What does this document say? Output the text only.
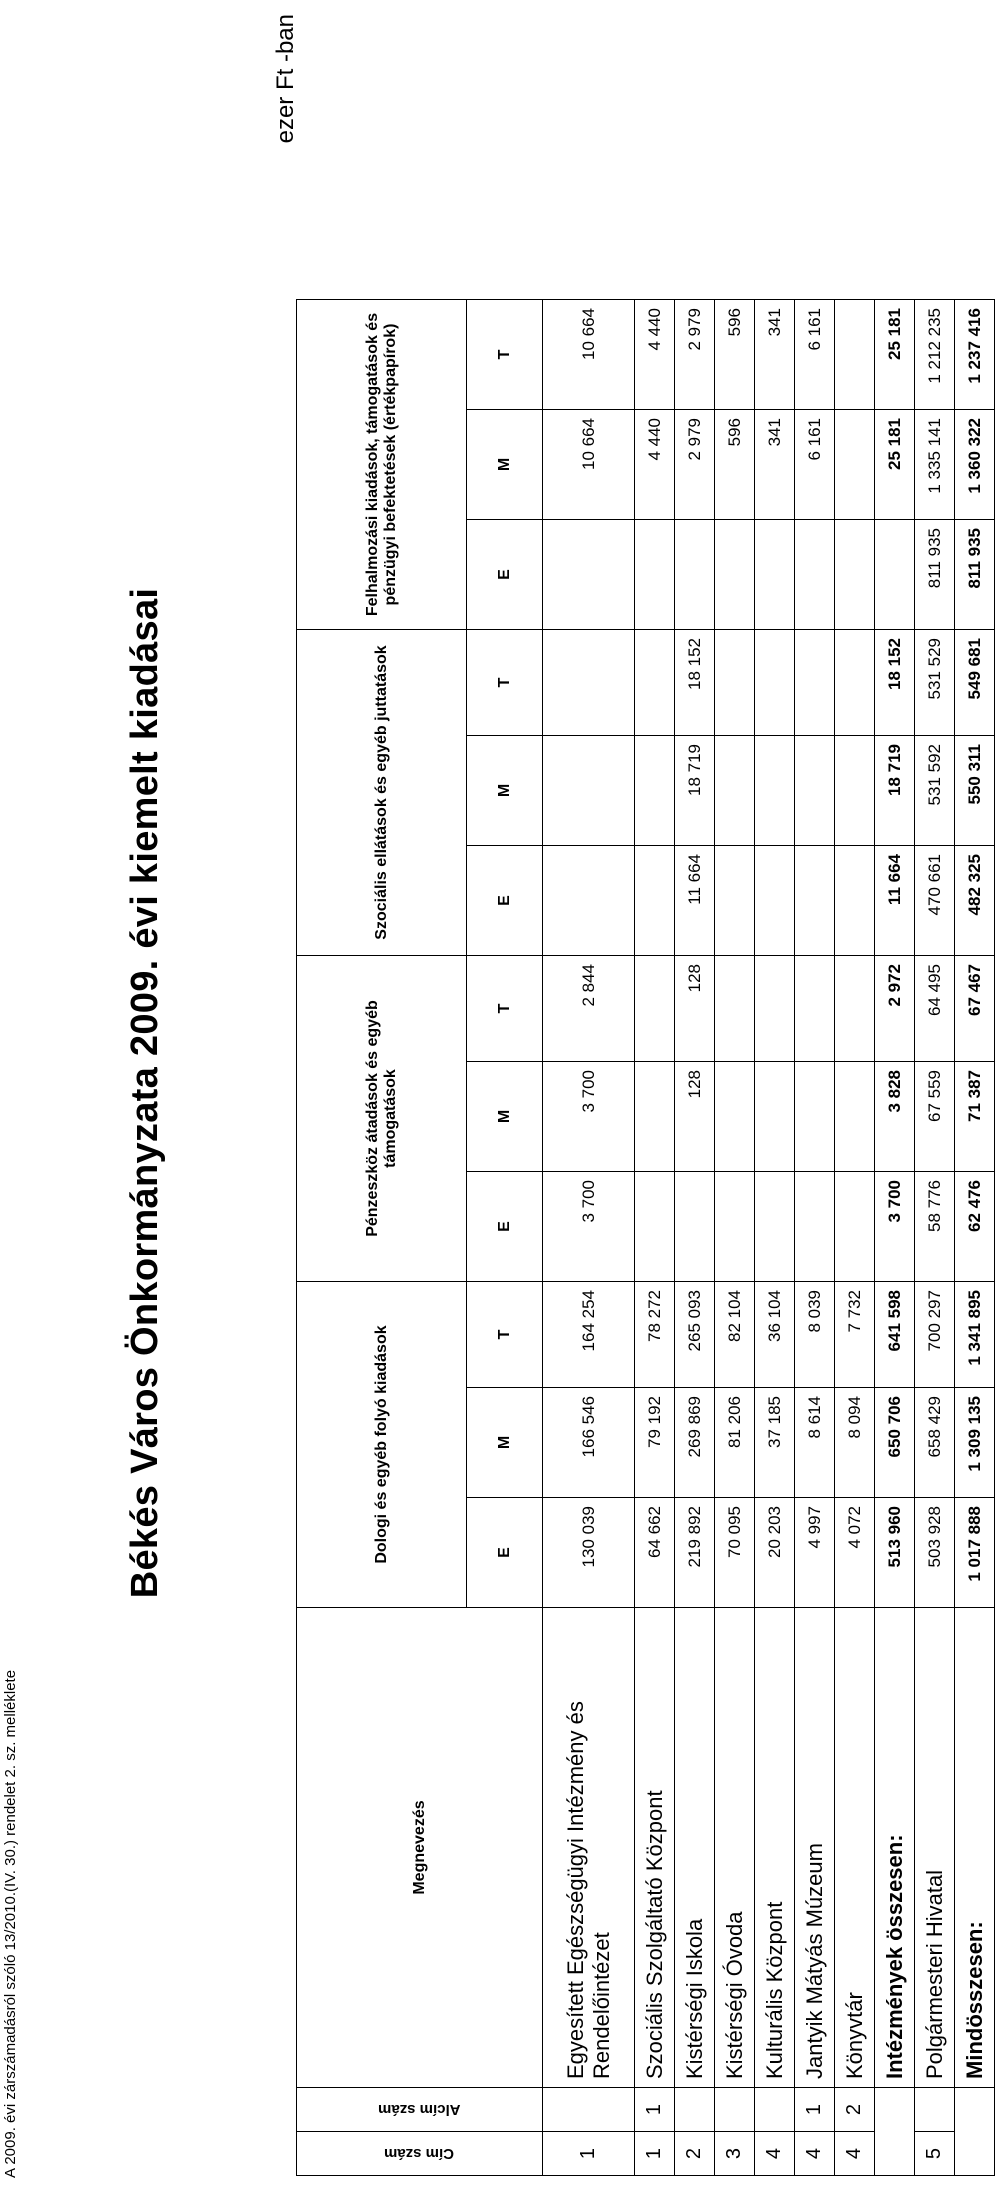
A 2009. évi zárszámadásról szóló 13/2010.(IV. 30.) rendelet 2. sz. melléklete
Békés Város Önkormányzata 2009. évi kiemelt kiadásai
ezer Ft -ban
Cím szám	Alcím szám	Megnevezés	Dologi és egyéb folyó kiadások			Pénzeszköz átadások és egyéb támogatások			Szociális ellátások és egyéb juttatások			Felhalmozási kiadások, támogatások és pénzügyi befektetések (értékpapírok)		
			E	M	T	E	M	T	E	M	T	E	M	T
1		Egyesített Egészségügyi Intézmény és Rendelőintézet	130 039	166 546	164 254	3 700	3 700	2 844					10 664	10 664
1	1	Szociális Szolgáltató Központ	64 662	79 192	78 272								4 440	4 440
2		Kistérségi Iskola	219 892	269 869	265 093		128	128	11 664	18 719	18 152		2 979	2 979
3		Kistérségi Óvoda	70 095	81 206	82 104								596	596
4		Kulturális Központ	20 203	37 185	36 104								341	341
4	1	Jantyik Mátyás Múzeum	4 997	8 614	8 039								6 161	6 161
4	2	Könyvtár	4 072	8 094	7 732									
		Intézmények összesen:	513 960	650 706	641 598	3 700	3 828	2 972	11 664	18 719	18 152		25 181	25 181
5		Polgármesteri Hivatal	503 928	658 429	700 297	58 776	67 559	64 495	470 661	531 592	531 529	811 935	1 335 141	1 212 235
		Mindösszesen:	1 017 888	1 309 135	1 341 895	62 476	71 387	67 467	482 325	550 311	549 681	811 935	1 360 322	1 237 416
